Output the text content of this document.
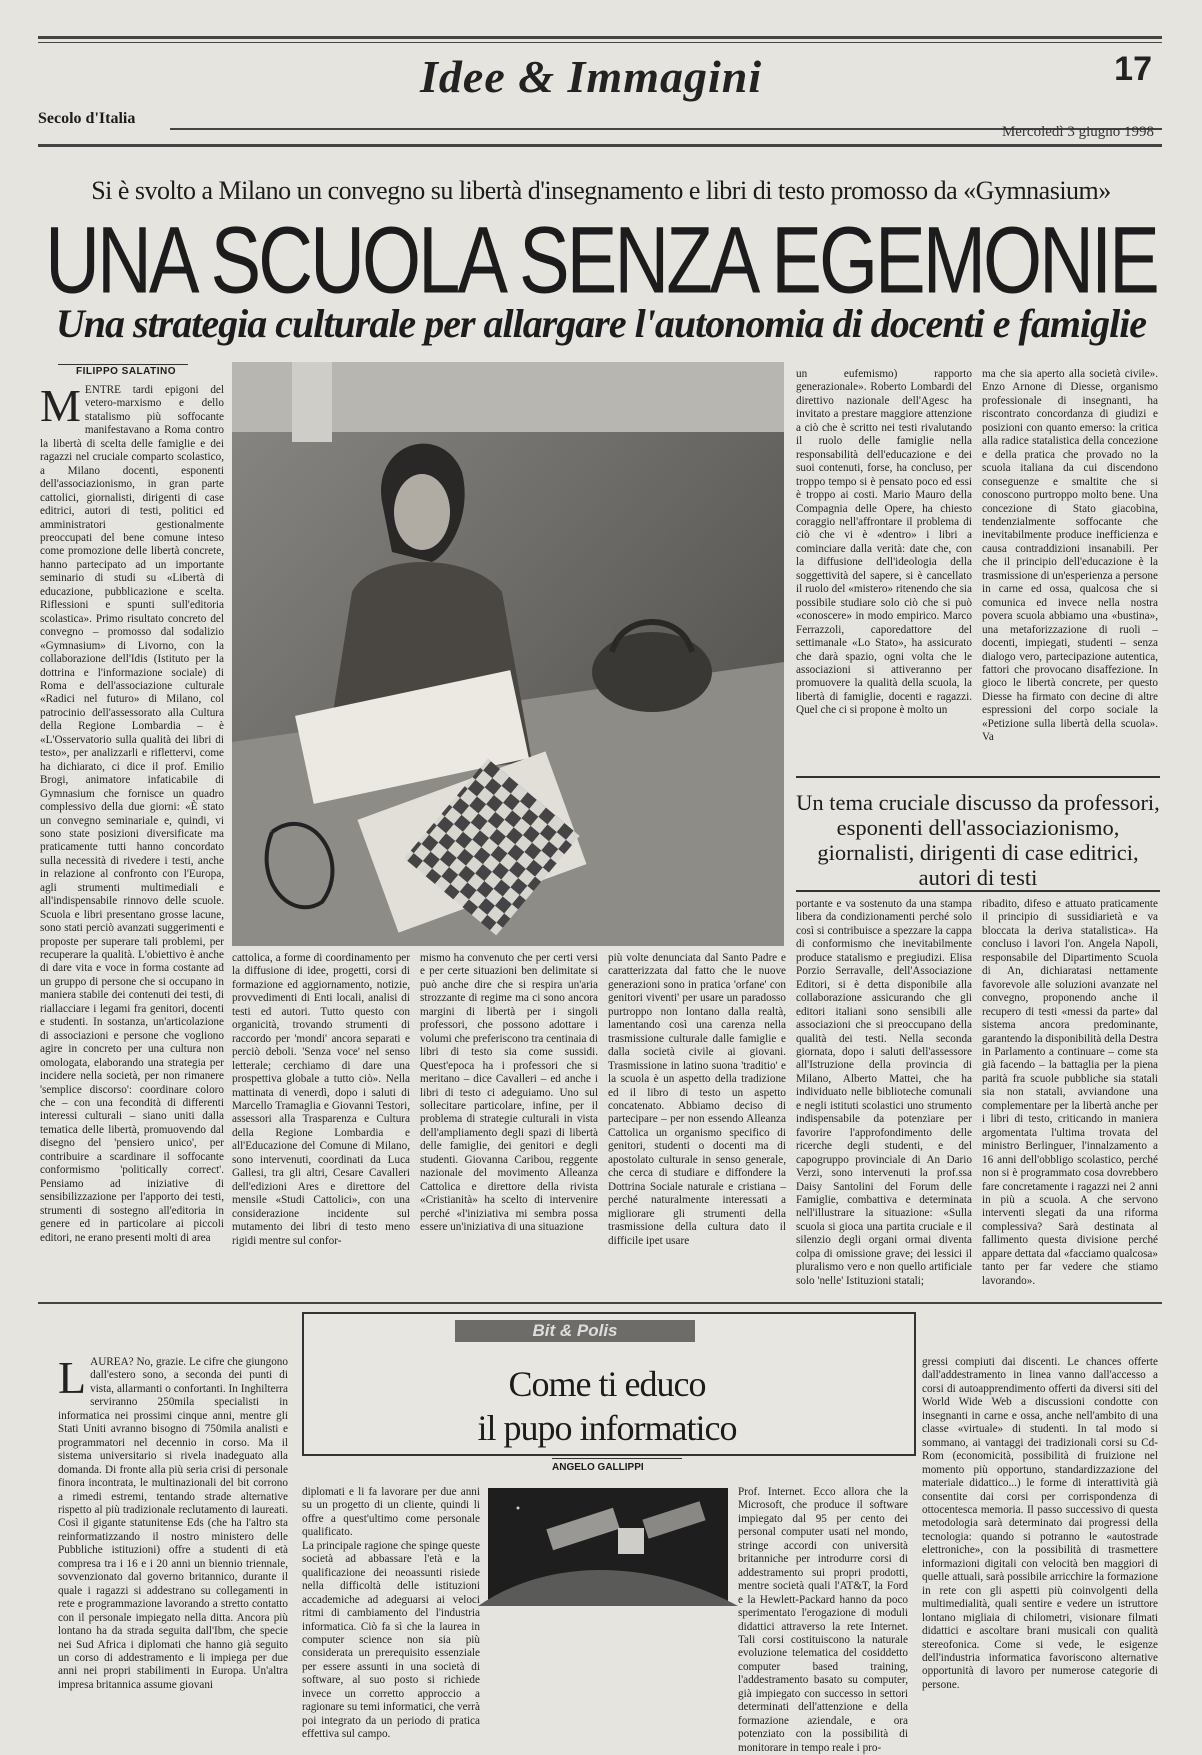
Idee & Immagini	17
Secolo d'Italia
Mercoledì 3 giugno 1998
Si è svolto a Milano un convegno su libertà d'insegnamento e libri di testo promosso da «Gymnasium»
UNA SCUOLA SENZA EGEMONIE
Una strategia culturale per allargare l'autonomia di docenti e famiglie
FILIPPO SALATINO
MENTRE tardi epigoni del vetero-marxismo e dello statalismo più soffocante manifestavano a Roma contro la libertà di scelta delle famiglie e dei ragazzi nel cruciale comparto scolastico, a Milano docenti, esponenti dell'associazionismo, in gran parte cattolici, giornalisti, dirigenti di case editrici, autori di testi, politici ed amministratori gestionalmente preoccupati del bene comune inteso come promozione delle libertà concrete, hanno partecipato ad un importante seminario di studi su «Libertà di educazione, pubblicazione e scelta. Riflessioni e spunti sull'editoria scolastica». Primo risultato concreto del convegno – promosso dal sodalizio «Gymnasium» di Livorno, con la collaborazione dell'Idis (Istituto per la dottrina e l'informazione sociale) di Roma e dell'associazione culturale «Radici nel futuro» di Milano, col patrocinio dell'assessorato alla Cultura della Regione Lombardia – è «L'Osservatorio sulla qualità dei libri di testo», per analizzarli e riflettervi, come ha dichiarato, ci dice il prof. Emilio Brogi, animatore infaticabile di Gymnasium che fornisce un quadro complessivo della due giorni: «È stato un convegno seminariale e, quindi, vi sono state posizioni diversificate ma praticamente tutti hanno concordato sulla necessità di rivedere i testi, anche in relazione al confronto con l'Europa, agli strumenti multimediali e all'indispensabile rinnovo delle scuole. Scuola e libri presentano grosse lacune, sono stati perciò avanzati suggerimenti e proposte per superare tali problemi, per recuperare la qualità. L'obiettivo è anche di dare vita e voce in forma costante ad un gruppo di persone che si occupano in maniera stabile dei contenuti dei testi, di riallacciare i legami fra genitori, docenti e studenti. In sostanza, un'articolazione di associazioni e persone che vogliono agire in concreto per una cultura non omologata, elaborando una strategia per incidere nella società, per non rimanere 'semplice discorso': coordinare coloro che – con una fecondità di differenti interessi culturali – siano uniti dalla tematica delle libertà, promuovendo dal disegno del 'pensiero unico', per contribuire a scardinare il soffocante conformismo 'politically correct'. Pensiamo ad iniziative di sensibilizzazione per l'apporto dei testi, strumenti di sostegno all'editoria in genere ed in particolare ai piccoli editori, ne erano presenti molti di area
cattolica, a forme di coordinamento per la diffusione di idee, progetti, corsi di formazione ed aggiornamento, notizie, provvedimenti di Enti locali, analisi di testi ed autori. Tutto questo con organicità, trovando strumenti di raccordo per 'mondi' ancora separati e perciò deboli. 'Senza voce' nel senso letterale; cerchiamo di dare una prospettiva globale a tutto ciò». Nella mattinata di venerdì, dopo i saluti di Marcello Tramaglia e Giovanni Testori, assessori alla Trasparenza e Cultura della Regione Lombardia e all'Educazione del Comune di Milano, sono intervenuti, coordinati da Luca Gallesi, tra gli altri, Cesare Cavalleri dell'edizioni Ares e direttore del mensile «Studi Cattolici», con una considerazione incidente sul mutamento dei libri di testo meno rigidi mentre sul confor-
mismo ha convenuto che per certi versi e per certe situazioni ben delimitate si può anche dire che si respira un'aria strozzante di regime ma ci sono ancora margini di libertà per i singoli professori, che possono adottare i volumi che preferiscono tra centinaia di libri di testo sia come sussidi. Quest'epoca ha i professori che si meritano – dice Cavalleri – ed anche i libri di testo ci adeguiamo. Uno sul sollecitare particolare, infine, per il problema di strategie culturali in vista dell'ampliamento degli spazi di libertà delle famiglie, dei genitori e degli studenti. Giovanna Caribou, reggente nazionale del movimento Alleanza Cattolica e direttore della rivista «Cristianità» ha scelto di intervenire perché «l'iniziativa mi sembra possa essere un'iniziativa di una situazione
più volte denunciata dal Santo Padre e caratterizzata dal fatto che le nuove generazioni sono in pratica 'orfane' con genitori viventi' per usare un paradosso purtroppo non lontano dalla realtà, lamentando così una carenza nella trasmissione culturale dalle famiglie e dalla società civile ai giovani. Trasmissione in latino suona 'traditio' e la scuola è un aspetto della tradizione ed il libro di testo un aspetto concatenato. Abbiamo deciso di partecipare – per non essendo Alleanza Cattolica un organismo specifico di genitori, studenti o docenti ma di apostolato culturale in senso generale, che cerca di studiare e diffondere la Dottrina Sociale naturale e cristiana – perché naturalmente interessati a migliorare gli strumenti della trasmissione della cultura dato il difficile ipet usare
un eufemismo) rapporto generazionale». Roberto Lombardi del direttivo nazionale dell'Agesc ha invitato a prestare maggiore attenzione a ciò che è scritto nei testi rivalutando il ruolo delle famiglie nella responsabilità dell'educazione e dei suoi contenuti, forse, ha concluso, per troppo tempo si è pensato poco ed essi è troppo ai costi. Mario Mauro della Compagnia delle Opere, ha chiesto coraggio nell'affrontare il problema di ciò che vi è «dentro» i libri a cominciare dalla verità: date che, con la diffusione dell'ideologia della soggettività del sapere, si è cancellato il ruolo del «mistero» ritenendo che sia possibile studiare solo ciò che si può «conoscere» in modo empirico. Marco Ferrazzoli, caporedattore del settimanale «Lo Stato», ha assicurato che darà spazio, ogni volta che le associazioni si attiveranno per promuovere la qualità della scuola, la libertà di famiglie, docenti e ragazzi. Quel che ci si propone è molto un
ma che sia aperto alla società civile». Enzo Arnone di Diesse, organismo professionale di insegnanti, ha riscontrato concordanza di giudizi e posizioni con quanto emerso: la critica alla radice statalistica della concezione e della pratica che provado no la scuola italiana da cui discendono conseguenze e smaltite che si conoscono purtroppo molto bene. Una concezione di Stato giacobina, tendenzialmente soffocante che inevitabilmente produce inefficienza e causa contraddizioni insanabili. Per che il principio dell'educazione è la trasmissione di un'esperienza a persone in carne ed ossa, qualcosa che si comunica ed invece nella nostra povera scuola abbiamo una «bustina», una metaforizzazione di ruoli – docenti, impiegati, studenti – senza dialogo vero, partecipazione autentica, fattori che provocano disaffezione. In gioco le libertà concrete, per questo Diesse ha firmato con decine di altre espressioni del corpo sociale la «Petizione sulla libertà della scuola». Va
Un tema cruciale discusso da professori, esponenti dell'associazionismo, giornalisti, dirigenti di case editrici, autori di testi
portante e va sostenuto da una stampa libera da condizionamenti perché solo così si contribuisce a spezzare la cappa di conformismo che inevitabilmente produce statalismo e pregiudizi. Elisa Porzio Serravalle, dell'Associazione Editori, si è detta disponibile alla collaborazione assicurando che gli editori italiani sono sensibili alle associazioni che si preoccupano della qualità dei testi. Nella seconda giornata, dopo i saluti dell'assessore all'Istruzione della provincia di Milano, Alberto Mattei, che ha individuato nelle biblioteche comunali e negli istituti scolastici uno strumento indispensabile da potenziare per favorire l'approfondimento delle ricerche degli studenti, e del capogruppo provinciale di An Dario Verzi, sono intervenuti la prof.ssa Daisy Santolini del Forum delle Famiglie, combattiva e determinata nell'illustrare la situazione: «Sulla scuola si gioca una partita cruciale e il silenzio degli organi ormai diventa colpa di omissione grave; dei lessici il pluralismo vero e non quello artificiale solo 'nelle' Istituzioni statali;
ribadito, difeso e attuato praticamente il principio di sussidiarietà e va bloccata la deriva statalistica». Ha concluso i lavori l'on. Angela Napoli, responsabile del Dipartimento Scuola di An, dichiaratasi nettamente favorevole alle soluzioni avanzate nel convegno, proponendo anche il recupero di testi «messi da parte» dal sistema ancora predominante, garantendo la disponibilità della Destra in Parlamento a continuare – come sta già facendo – la battaglia per la piena parità fra scuole pubbliche sia statali sia non statali, avviandone una complementare per la libertà anche per i libri di testo, criticando in maniera argomentata l'ultima trovata del ministro Berlinguer, l'innalzamento a 16 anni dell'obbligo scolastico, perché non si è programmato cosa dovrebbero fare concretamente i ragazzi nei 2 anni in più a scuola. A che servono interventi slegati da una riforma complessiva? Sarà destinata al fallimento questa divisione perché appare dettata dal «facciamo qualcosa» tanto per far vedere che stiamo lavorando».
Bit & Polis
Come ti educo
il pupo informatico
ANGELO GALLIPPI
LAUREA? No, grazie. Le cifre che giungono dall'estero sono, a seconda dei punti di vista, allarmanti o confortanti. In Inghilterra serviranno 250mila specialisti in informatica nei prossimi cinque anni, mentre gli Stati Uniti avranno bisogno di 750mila analisti e programmatori nel decennio in corso. Ma il sistema universitario si rivela inadeguato alla domanda. Di fronte alla più seria crisi di personale finora incontrata, le multinazionali del bit corrono a rimedi estremi, tentando strade alternative rispetto al più tradizionale reclutamento di laureati. Così il gigante statunitense Eds (che ha l'altro sta reinformatizzando il nostro ministero delle Pubbliche istituzioni) offre a studenti di età compresa tra i 16 e i 20 anni un biennio triennale, sovvenzionato dal governo britannico, durante il quale i ragazzi si addestrano su collegamenti in rete e programmazione lavorando a stretto contatto con il personale impiegato nella ditta. Ancora più lontano ha da strada seguita dall'Ibm, che specie nei Sud Africa i diplomati che hanno già seguito un corso di addestramento e li impiega per due anni nei propri stabilimenti in Europa. Un'altra impresa britannica assume giovani

diplomati e li fa lavorare per due anni su un progetto di un cliente, quindi li offre a quest'ultimo come personale qualificato.

La principale ragione che spinge queste società ad abbassare l'età e la qualificazione dei neoassunti risiede nella difficoltà delle istituzioni accademiche ad adeguarsi ai veloci ritmi di cambiamento del l'industria informatica. Ciò fa sì che la laurea in computer science non sia più considerata un prerequisito essenziale per essere assunti in una società di software, al suo posto si richiede invece un corretto approccio a ragionare su temi informatici, che verrà poi integrato da un periodo di pratica effettiva sul campo.

Prof. Internet. Ecco allora che la Microsoft, che produce il software impiegato dal 95 per cento dei personal computer usati nel mondo, stringe accordi con università britanniche per introdurre corsi di addestramento sui propri prodotti, mentre società quali l'AT&T, la Ford e la Hewlett-Packard hanno da poco sperimentato l'erogazione di moduli didattici attraverso la rete Internet. Tali corsi costituiscono la naturale evoluzione telematica del cosiddetto computer based training, l'addestramento basato su computer, già impiegato con successo in settori determinati dell'attenzione e della formazione aziendale, e ora potenziato con la possibilità di monitorare in tempo reale i pro-
gressi compiuti dai discenti. Le chances offerte dall'addestramento in linea vanno dall'accesso a corsi di autoapprendimento offerti da diversi siti del World Wide Web a discussioni condotte con insegnanti in carne e ossa, anche nell'ambito di una classe «virtuale» di studenti. In tal modo si sommano, ai vantaggi dei tradizionali corsi su Cd-Rom (economicità, possibilità di fruizione nel momento più opportuno, standardizzazione del materiale didattico...) le forme di interattività già consentite dai corsi per corrispondenza di ottocentesca memoria. Il passo successivo di questa metodologia sarà determinato dai progressi della tecnologia: quando si potranno le «autostrade elettroniche», con la possibilità di trasmettere informazioni digitali con velocità ben maggiori di quelle attuali, sarà possibile arricchire la formazione in rete con gli aspetti più coinvolgenti della multimedialità, quali sentire e vedere un istruttore lontano migliaia di chilometri, visionare filmati didattici e ascoltare brani musicali con qualità stereofonica. Come si vede, le esigenze dell'industria informatica favoriscono alternative opportunità di lavoro per numerose categorie di persone.
